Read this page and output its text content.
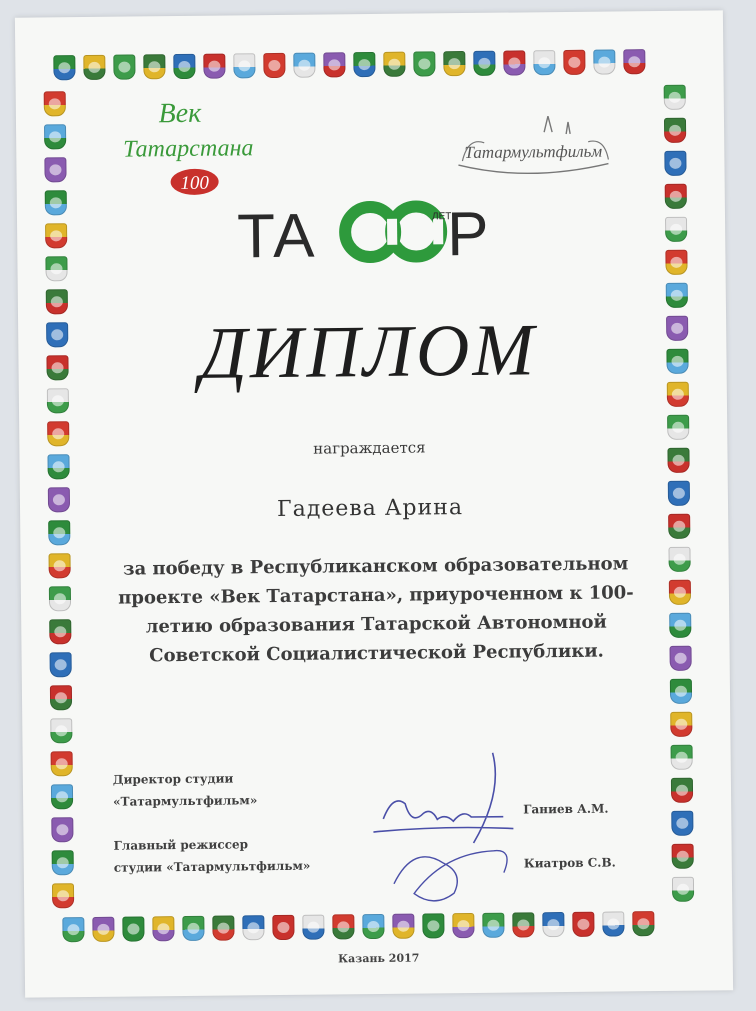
Век
Татарстана
100
Татармультфильм
ТА	ЛЕТ
Р
ДИПЛОМ
награждается
Гадеева Арина
за победу в Республиканском образовательном проекте «Век Татарстана», приуроченном к 100-летию образования Татарской Автономной Советской Социалистической Республики.
Директор студии
«Татармультфильм»
Ганиев А.М.
Главный режиссер
студии «Татармультфильм»	Киатров С.В.
Казань 2017
